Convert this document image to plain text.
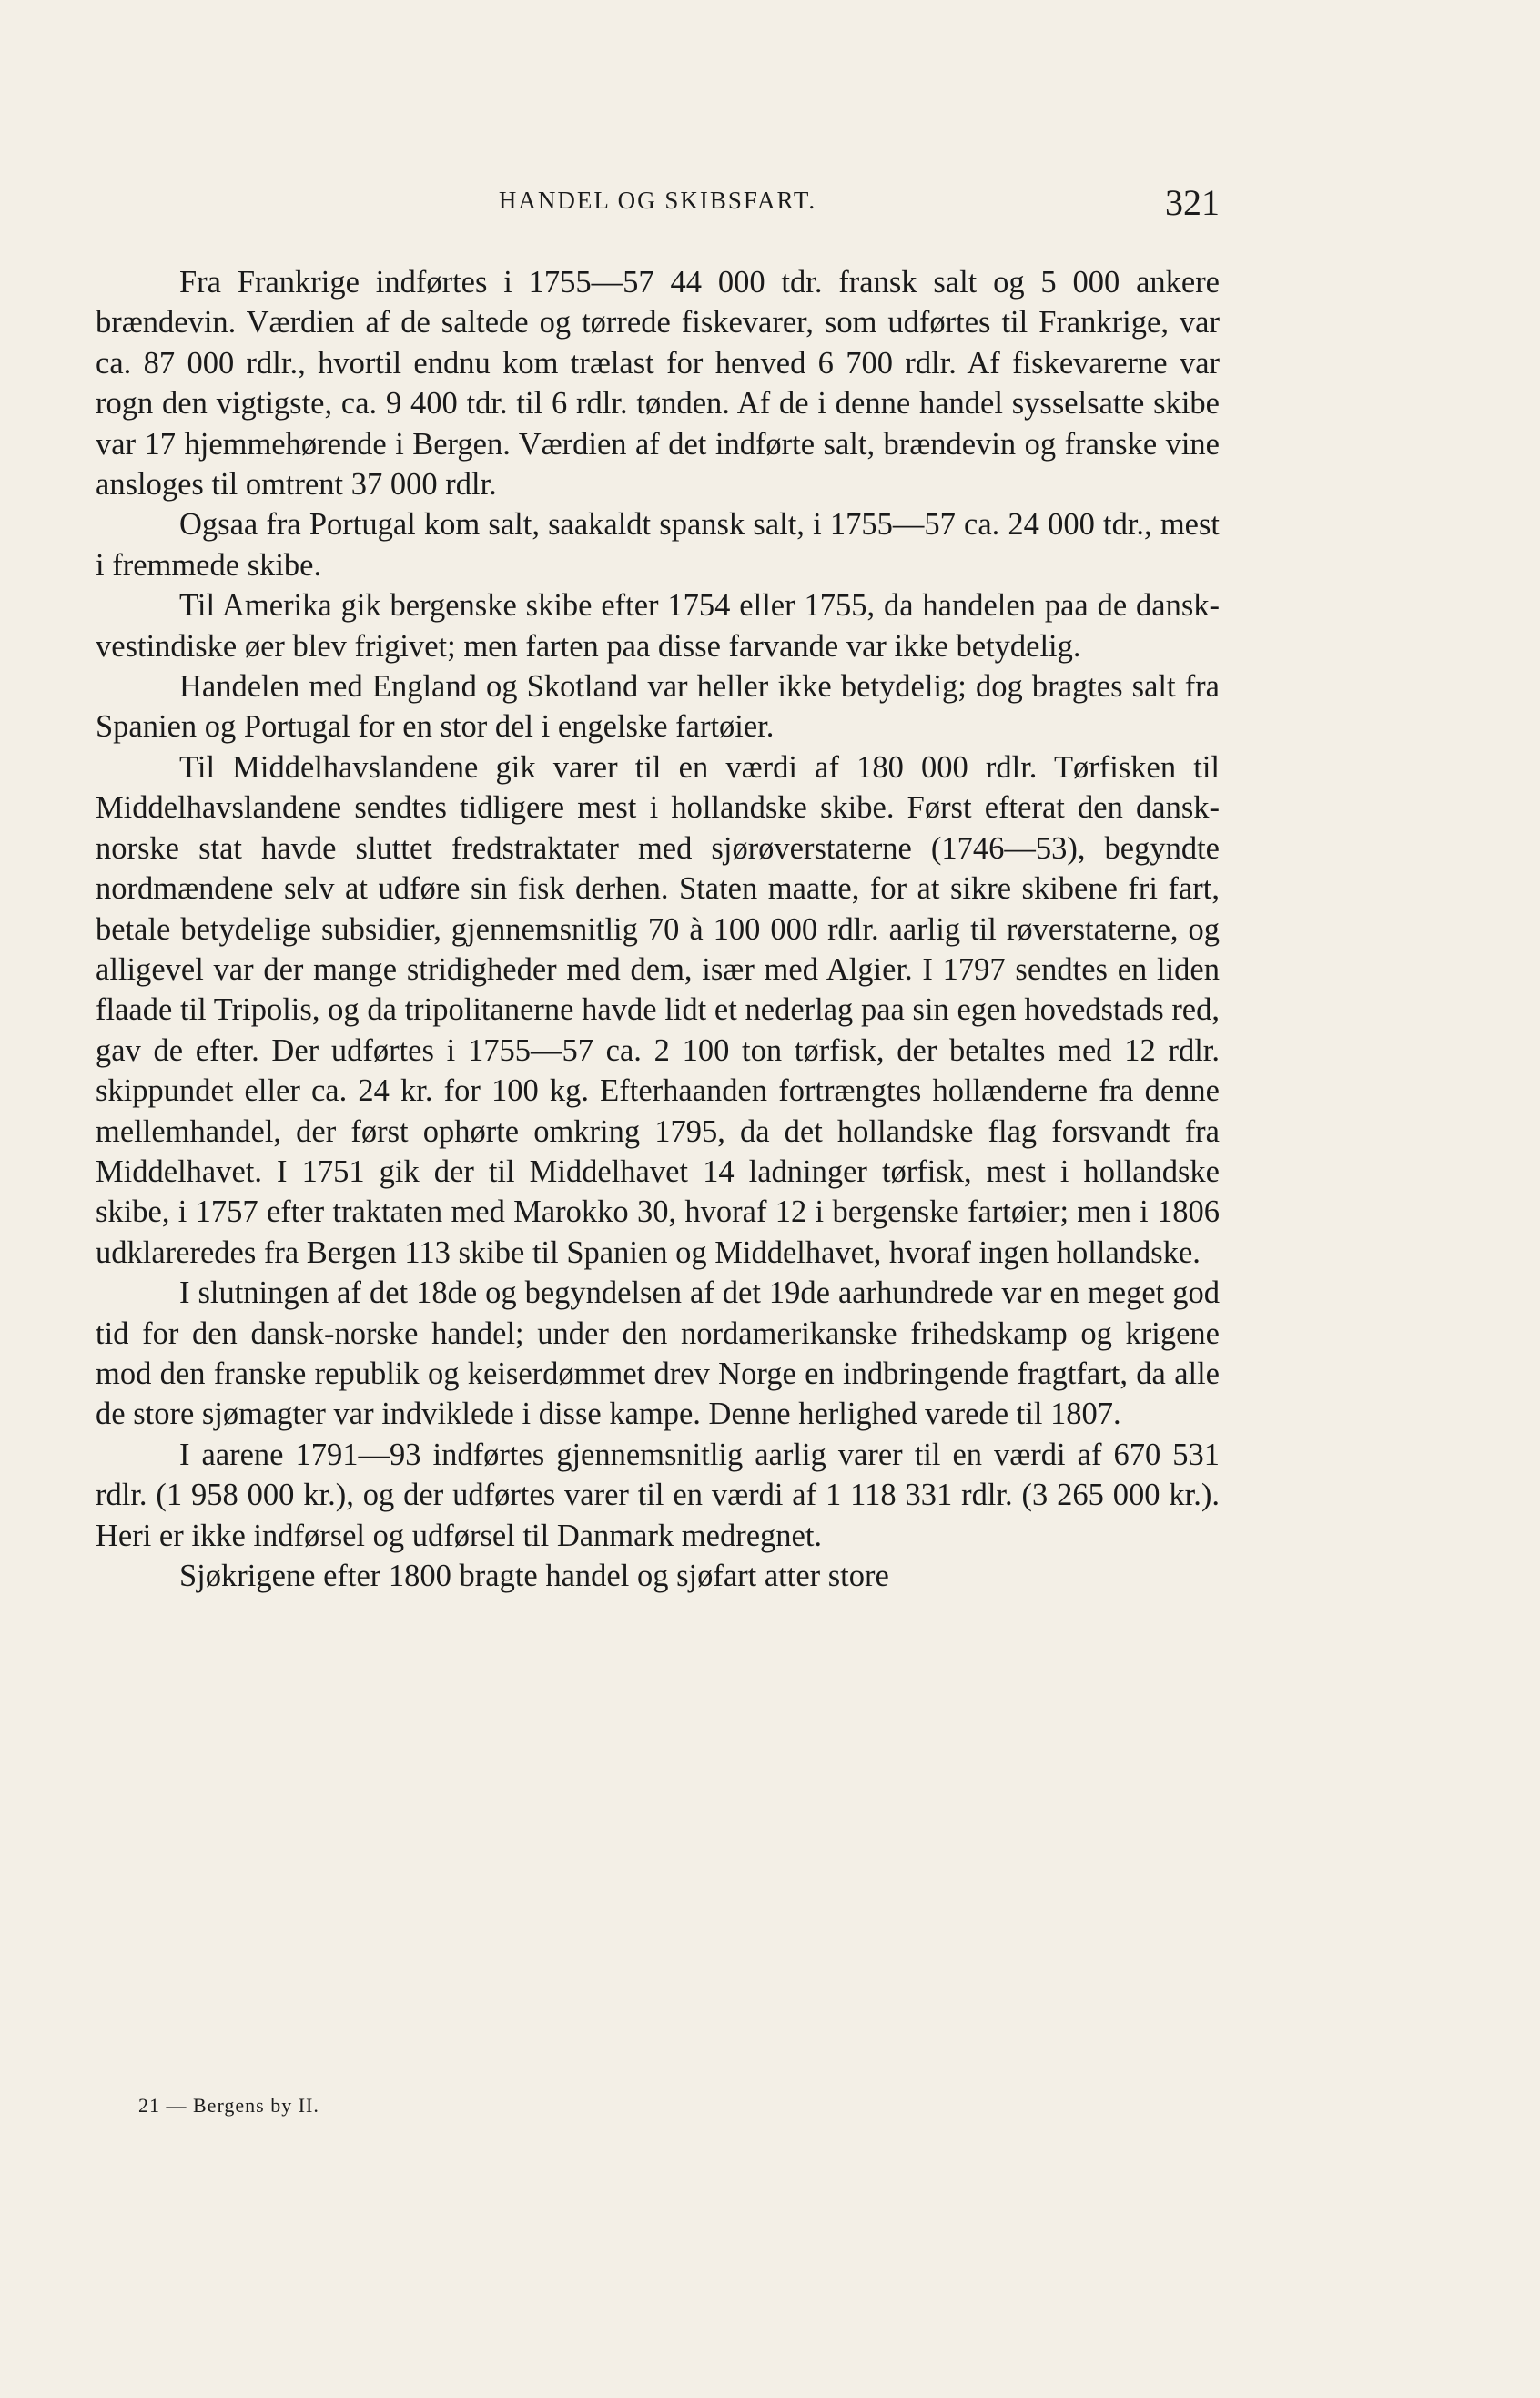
HANDEL OG SKIBSFART.	321

Fra Frankrige indførtes i 1755—57 44 000 tdr. fransk salt og 5 000 ankere brændevin. Værdien af de saltede og tørrede fiskevarer, som udførtes til Frankrige, var ca. 87 000 rdlr., hvortil endnu kom trælast for henved 6 700 rdlr. Af fiskevarerne var rogn den vigtigste, ca. 9 400 tdr. til 6 rdlr. tønden. Af de i denne handel sysselsatte skibe var 17 hjemmehørende i Bergen. Værdien af det indførte salt, brændevin og franske vine ansloges til omtrent 37 000 rdlr.

Ogsaa fra Portugal kom salt, saakaldt spansk salt, i 1755—57 ca. 24 000 tdr., mest i fremmede skibe.

Til Amerika gik bergenske skibe efter 1754 eller 1755, da handelen paa de dansk-vestindiske øer blev frigivet; men farten paa disse farvande var ikke betydelig.

Handelen med England og Skotland var heller ikke betydelig; dog bragtes salt fra Spanien og Portugal for en stor del i engelske fartøier.

Til Middelhavslandene gik varer til en værdi af 180 000 rdlr. Tørfisken til Middelhavslandene sendtes tidligere mest i hollandske skibe. Først efterat den dansk-norske stat havde sluttet fredstraktater med sjørøverstaterne (1746—53), begyndte nordmændene selv at udføre sin fisk derhen. Staten maatte, for at sikre skibene fri fart, betale betydelige subsidier, gjennemsnitlig 70 à 100 000 rdlr. aarlig til røverstaterne, og alligevel var der mange stridigheder med dem, især med Algier. I 1797 sendtes en liden flaade til Tripolis, og da tripolitanerne havde lidt et nederlag paa sin egen hovedstads red, gav de efter. Der udførtes i 1755—57 ca. 2 100 ton tørfisk, der betaltes med 12 rdlr. skippundet eller ca. 24 kr. for 100 kg. Efterhaanden fortrængtes hollænderne fra denne mellemhandel, der først ophørte omkring 1795, da det hollandske flag forsvandt fra Middelhavet. I 1751 gik der til Middelhavet 14 ladninger tørfisk, mest i hollandske skibe, i 1757 efter traktaten med Marokko 30, hvoraf 12 i bergenske fartøier; men i 1806 udklareredes fra Bergen 113 skibe til Spanien og Middelhavet, hvoraf ingen hollandske.

I slutningen af det 18de og begyndelsen af det 19de aarhundrede var en meget god tid for den dansk-norske handel; under den nordamerikanske frihedskamp og krigene mod den franske republik og keiserdømmet drev Norge en indbringende fragtfart, da alle de store sjømagter var indviklede i disse kampe. Denne herlighed varede til 1807.

I aarene 1791—93 indførtes gjennemsnitlig aarlig varer til en værdi af 670 531 rdlr. (1 958 000 kr.), og der udførtes varer til en værdi af 1 118 331 rdlr. (3 265 000 kr.). Heri er ikke indførsel og udførsel til Danmark medregnet.

Sjøkrigene efter 1800 bragte handel og sjøfart atter store

21 — Bergens by II.
